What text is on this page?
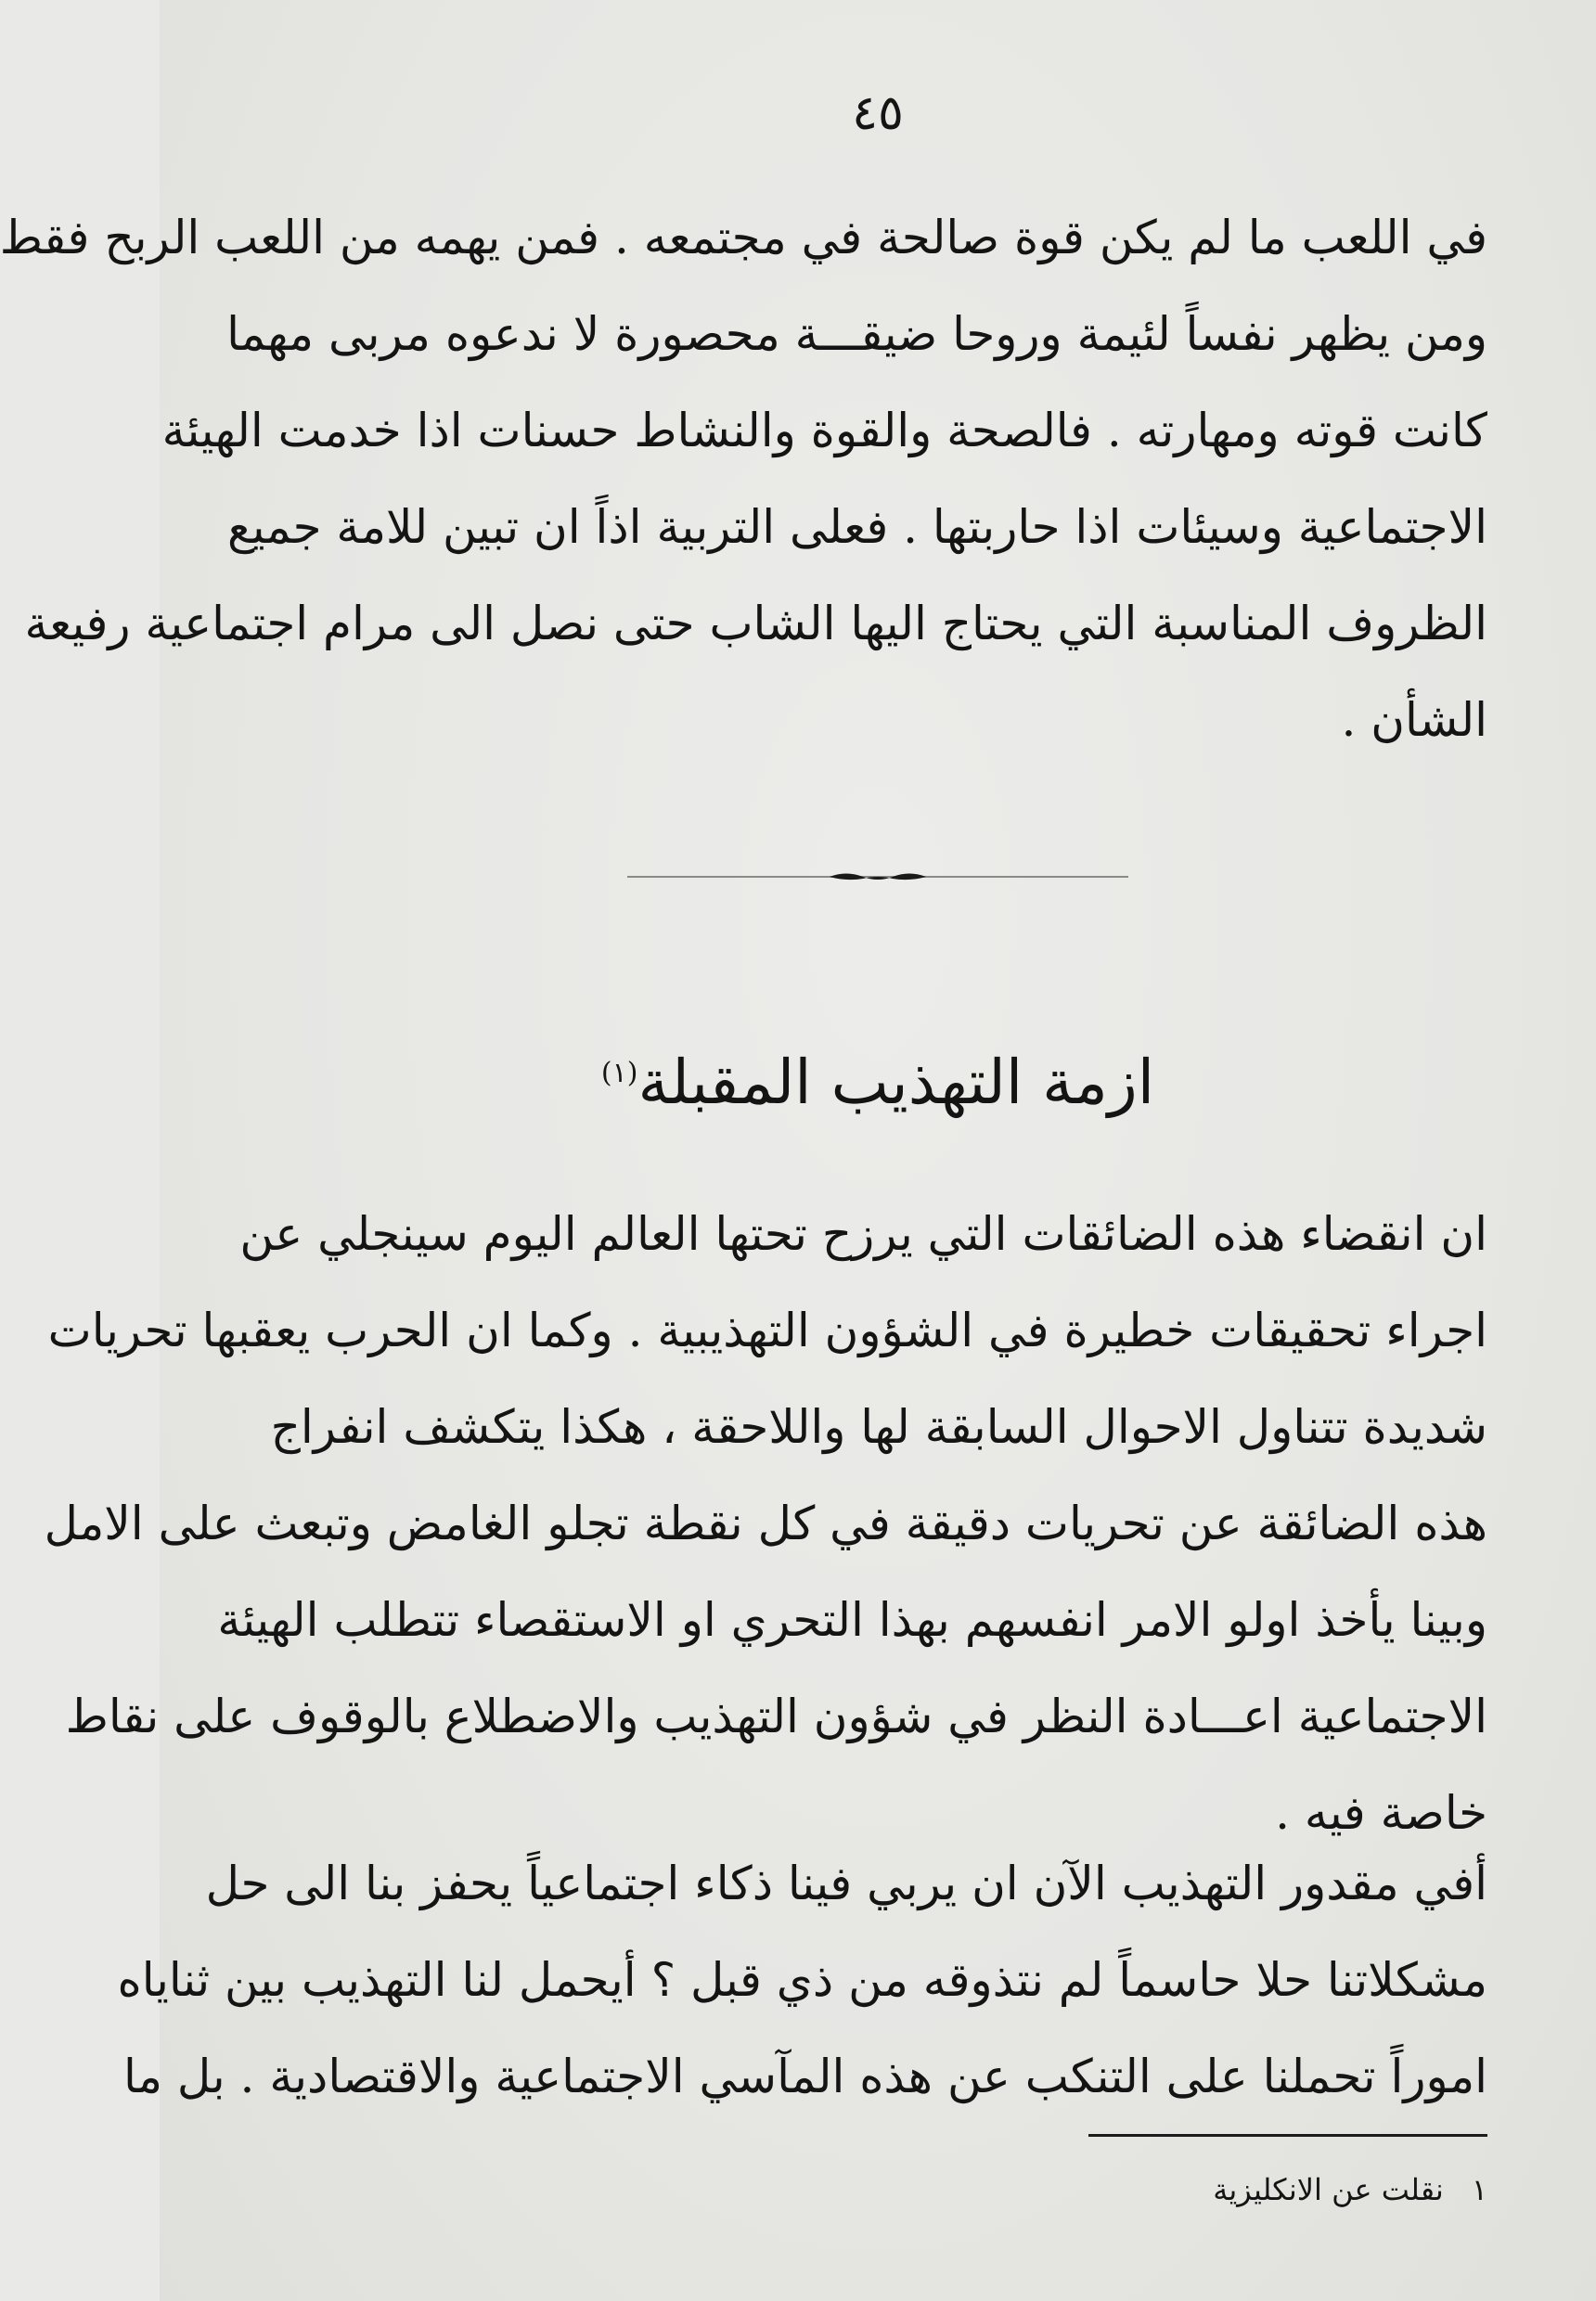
٤٥
في اللعب ما لم يكن قوة صالحة في مجتمعه . فمن يهمه من اللعب الربح فقط
ومن يظهر نفساً لئيمة وروحا ضيقـــة محصورة لا ندعوه مربى مهما
كانت قوته ومهارته . فالصحة والقوة والنشاط حسنات اذا خدمت الهيئة
الاجتماعية وسيئات اذا حاربتها . فعلى التربية اذاً ان تبين للامة جميع
الظروف المناسبة التي يحتاج اليها الشاب حتى نصل الى مرام اجتماعية رفيعة
الشأن .
ازمة التهذيب المقبلة$^{(١)}$
ان انقضاء هذه الضائقات التي يرزح تحتها العالم اليوم سينجلي عن
اجراء تحقيقات خطيرة في الشؤون التهذيبية . وكما ان الحرب يعقبها تحريات
شديدة تتناول الاحوال السابقة لها واللاحقة ، هكذا يتكشف انفراج
هذه الضائقة عن تحريات دقيقة في كل نقطة تجلو الغامض وتبعث على الامل
وبينا يأخذ اولو الامر انفسهم بهذا التحري او الاستقصاء تتطلب الهيئة
الاجتماعية اعـــادة النظر في شؤون التهذيب والاضطلاع بالوقوف على نقاط
خاصة فيه .
أفي مقدور التهذيب الآن ان يربي فينا ذكاء اجتماعياً يحفز بنا الى حل
مشكلاتنا حلا حاسماً لم نتذوقه من ذي قبل ؟ أيحمل لنا التهذيب بين ثناياه
اموراً تحملنا على التنكب عن هذه المآسي الاجتماعية والاقتصادية . بل ما
١نقلت عن الانكليزية
